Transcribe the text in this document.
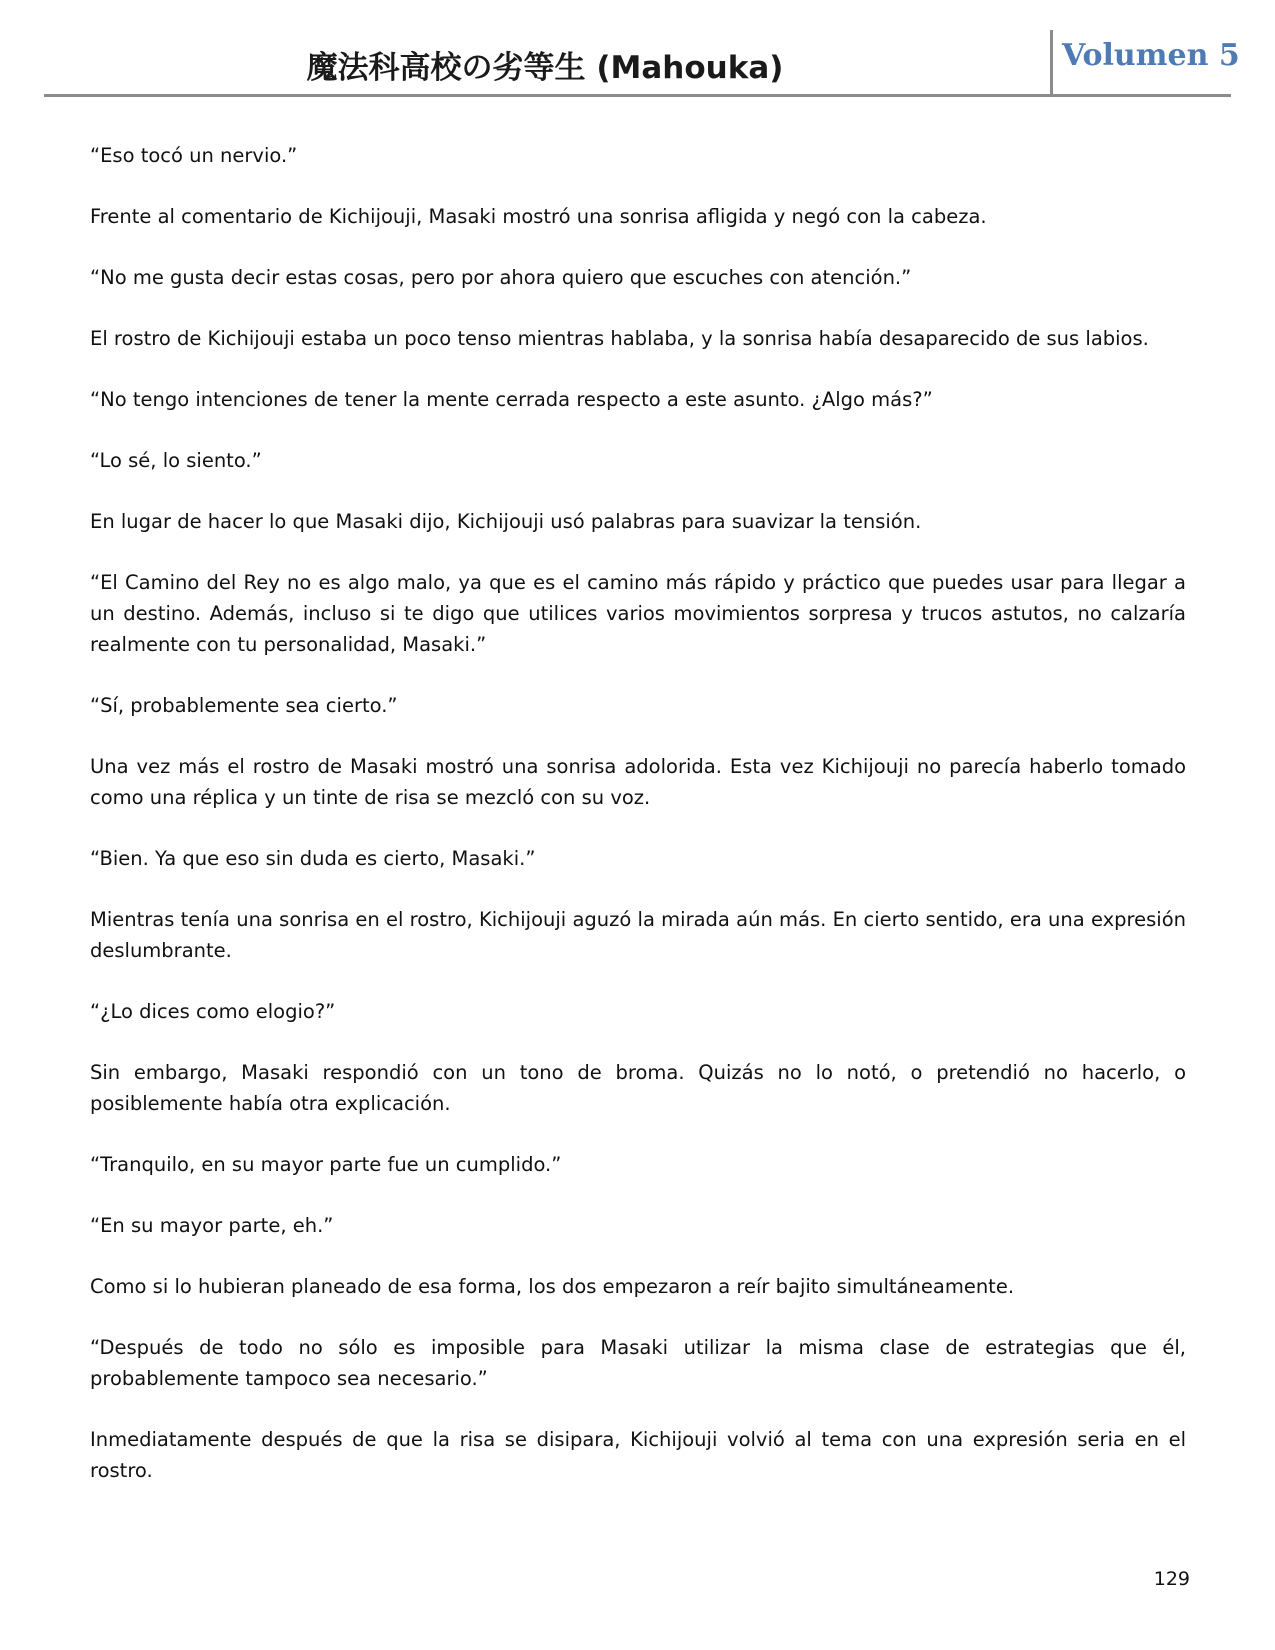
魔法科高校の劣等生 (Mahouka)	Volumen 5

“Eso tocó un nervio.”

Frente al comentario de Kichijouji, Masaki mostró una sonrisa afligida y negó con la cabeza.

“No me gusta decir estas cosas, pero por ahora quiero que escuches con atención.”

El rostro de Kichijouji estaba un poco tenso mientras hablaba, y la sonrisa había desaparecido de sus labios.

“No tengo intenciones de tener la mente cerrada respecto a este asunto. ¿Algo más?”

“Lo sé, lo siento.”

En lugar de hacer lo que Masaki dijo, Kichijouji usó palabras para suavizar la tensión.

“El Camino del Rey no es algo malo, ya que es el camino más rápido y práctico que puedes usar para llegar a un destino. Además, incluso si te digo que utilices varios movimientos sorpresa y trucos astutos, no calzaría realmente con tu personalidad, Masaki.”

“Sí, probablemente sea cierto.”

Una vez más el rostro de Masaki mostró una sonrisa adolorida. Esta vez Kichijouji no parecía haberlo tomado como una réplica y un tinte de risa se mezcló con su voz.

“Bien. Ya que eso sin duda es cierto, Masaki.”

Mientras tenía una sonrisa en el rostro, Kichijouji aguzó la mirada aún más. En cierto sentido, era una expresión deslumbrante.

“¿Lo dices como elogio?”

Sin embargo, Masaki respondió con un tono de broma. Quizás no lo notó, o pretendió no hacerlo, o posiblemente había otra explicación.

“Tranquilo, en su mayor parte fue un cumplido.”

“En su mayor parte, eh.”

Como si lo hubieran planeado de esa forma, los dos empezaron a reír bajito simultáneamente.

“Después de todo no sólo es imposible para Masaki utilizar la misma clase de estrategias que él, probablemente tampoco sea necesario.”

Inmediatamente después de que la risa se disipara, Kichijouji volvió al tema con una expresión seria en el rostro.

129
